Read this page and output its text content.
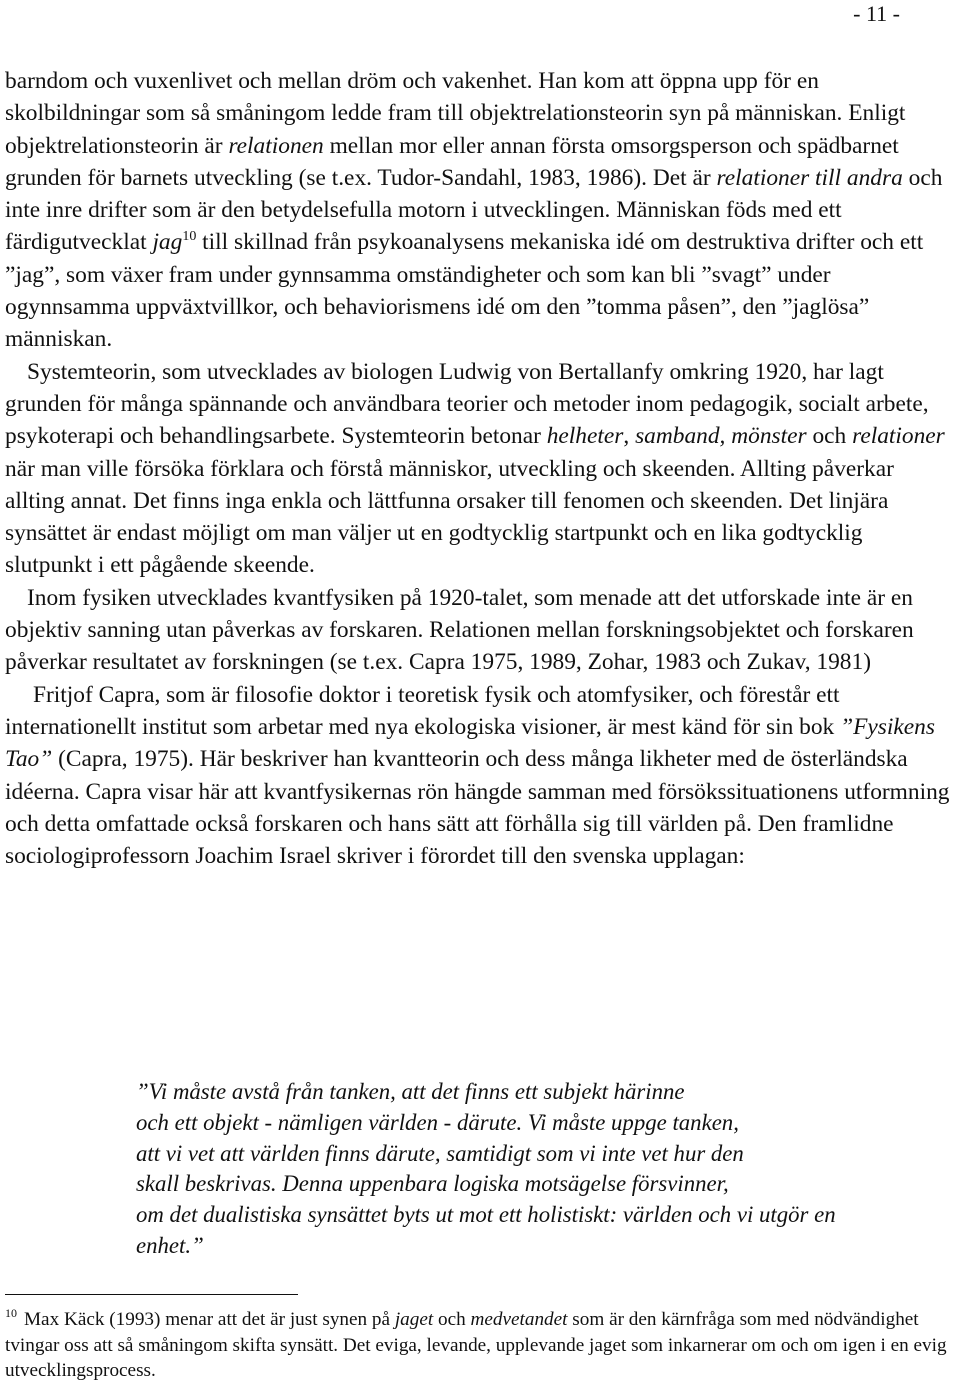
- 11 -

barndom och vuxenlivet och mellan dröm och vakenhet. Han kom att öppna upp för en skolbildningar som så småningom ledde fram till objektrelationsteorin syn på människan. Enligt objektrelationsteorin är relationen mellan mor eller annan första omsorgsperson och spädbarnet grunden för barnets utveckling (se t.ex. Tudor-Sandahl, 1983, 1986). Det är relationer till andra och inte inre drifter som är den betydelsefulla motorn i utvecklingen. Människan föds med ett färdigutvecklat jag$^{10}$ till skillnad från psykoanalysens mekaniska idé om destruktiva drifter och ett ”jag”, som växer fram under gynnsamma omständigheter och som kan bli ”svagt” under ogynnsamma uppväxtvillkor, och behaviorismens idé om den ”tomma påsen”, den ”jaglösa” människan.

Systemteorin, som utvecklades av biologen Ludwig von Bertallanfy omkring 1920, har lagt grunden för många spännande och användbara teorier och metoder inom pedagogik, socialt arbete, psykoterapi och behandlingsarbete. Systemteorin betonar helheter, samband, mönster och relationer när man ville försöka förklara och förstå människor, utveckling och skeenden. Allting påverkar allting annat. Det finns inga enkla och lättfunna orsaker till fenomen och skeenden. Det linjära synsättet är endast möjligt om man väljer ut en godtycklig startpunkt och en lika godtycklig slutpunkt i ett pågående skeende.

Inom fysiken utvecklades kvantfysiken på 1920-talet, som menade att det utforskade inte är en objektiv sanning utan påverkas av forskaren. Relationen mellan forskningsobjektet och forskaren påverkar resultatet av forskningen (se t.ex. Capra 1975, 1989, Zohar, 1983 och Zukav, 1981)

Fritjof Capra, som är filosofie doktor i teoretisk fysik och atomfysiker, och förestår ett internationellt institut som arbetar med nya ekologiska visioner, är mest känd för sin bok ”Fysikens Tao” (Capra, 1975). Här beskriver han kvantteorin och dess många likheter med de österländska idéerna. Capra visar här att kvantfysikernas rön hängde samman med försökssituationens utformning och detta omfattade också forskaren och hans sätt att förhålla sig till världen på. Den framlidne sociologiprofessorn Joachim Israel skriver i förordet till den svenska upplagan:

”Vi måste avstå från tanken, att det finns ett subjekt härinne

och ett objekt - nämligen världen - därute. Vi måste uppge tanken,

att vi vet att världen finns därute, samtidigt som vi inte vet hur den

skall beskrivas. Denna uppenbara logiska motsägelse försvinner,

om det dualistiska synsättet byts ut mot ett holistiskt: världen och vi utgör en

enhet.”

$^{10}$ Max Käck (1993) menar att det är just synen på jaget och medvetandet som är den kärnfråga som med nödvändighet tvingar oss att så småningom skifta synsätt. Det eviga, levande, upplevande jaget som inkarnerar om och om igen i en evig utvecklingsprocess.
